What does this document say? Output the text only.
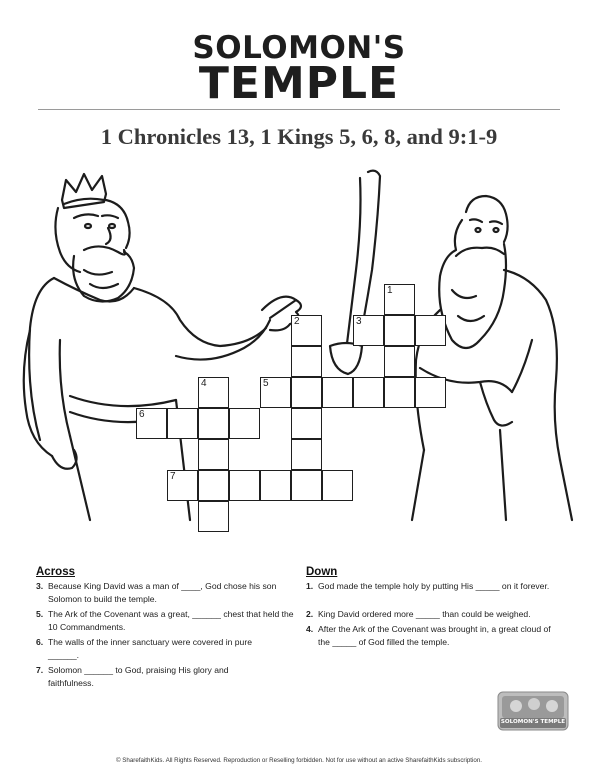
SOLOMON'S
TEMPLE
1 Chronicles 13, 1 Kings 5, 6, 8, and 9:1-9
1
3
2
5
4
6
7
Across
3. Because King David was a man of ____, God chose his son Solomon to build the temple.
5. The Ark of the Covenant was a great, ______ chest that held the 10 Commandments.
6. The walls of the inner sanctuary were covered in pure ______.
7. Solomon ______ to God, praising His glory and faithfulness.
Down
1. God made the temple holy by putting His _____ on it forever.
2. King David ordered more _____ than could be weighed.
4. After the Ark of the Covenant was brought in, a great cloud of the _____ of God filled the temple.
SOLOMON'S TEMPLE
© SharefaithKids. All Rights Reserved. Reproduction or Reselling forbidden. Not for use without an active SharefaithKids subscription.
